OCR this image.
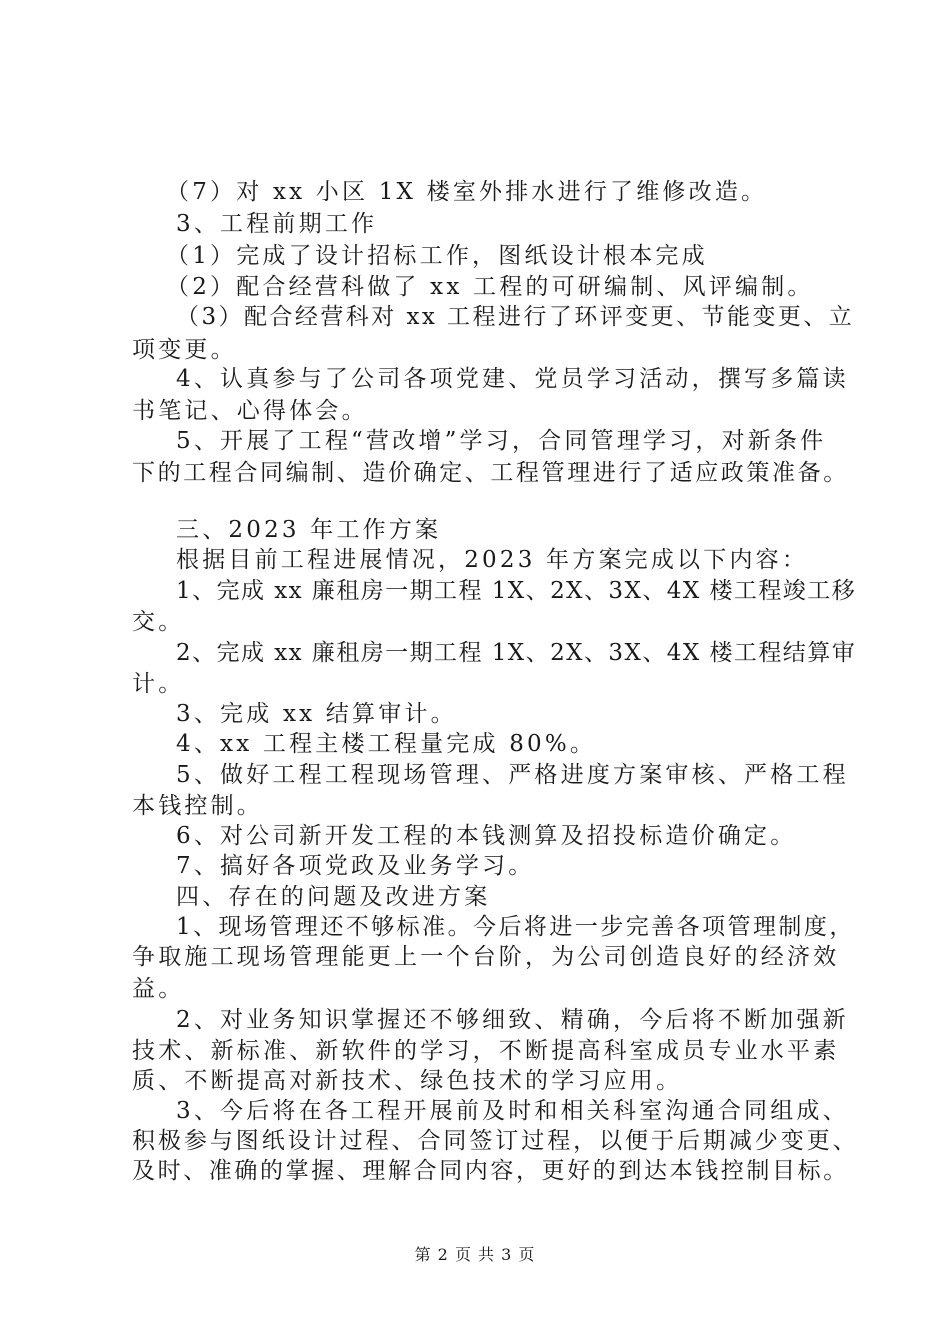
（7）对 xx 小区 1X 楼室外排水进行了维修改造。
3、工程前期工作
（1）完成了设计招标工作，图纸设计根本完成
（2）配合经营科做了 xx 工程的可研编制、风评编制。
（3）配合经营科对 xx 工程进行了环评变更、节能变更、立
项变更。
4、认真参与了公司各项党建、党员学习活动，撰写多篇读
书笔记、心得体会。
5、开展了工程“营改增”学习，合同管理学习，对新条件
下的工程合同编制、造价确定、工程管理进行了适应政策准备。
三、2023 年工作方案
根据目前工程进展情况，2023 年方案完成以下内容：
1、完成 xx 廉租房一期工程 1X、2X、3X、4X 楼工程竣工移
交。
2、完成 xx 廉租房一期工程 1X、2X、3X、4X 楼工程结算审
计。
3、完成 xx 结算审计。
4、xx 工程主楼工程量完成 80%。
5、做好工程工程现场管理、严格进度方案审核、严格工程
本钱控制。
6、对公司新开发工程的本钱测算及招投标造价确定。
7、搞好各项党政及业务学习。
四、存在的问题及改进方案
1、现场管理还不够标准。今后将进一步完善各项管理制度，
争取施工现场管理能更上一个台阶，为公司创造良好的经济效
益。
2、对业务知识掌握还不够细致、精确，今后将不断加强新
技术、新标准、新软件的学习，不断提高科室成员专业水平素
质、不断提高对新技术、绿色技术的学习应用。
3、今后将在各工程开展前及时和相关科室沟通合同组成、
积极参与图纸设计过程、合同签订过程，以便于后期减少变更、
及时、准确的掌握、理解合同内容，更好的到达本钱控制目标。
第 2 页 共 3 页
